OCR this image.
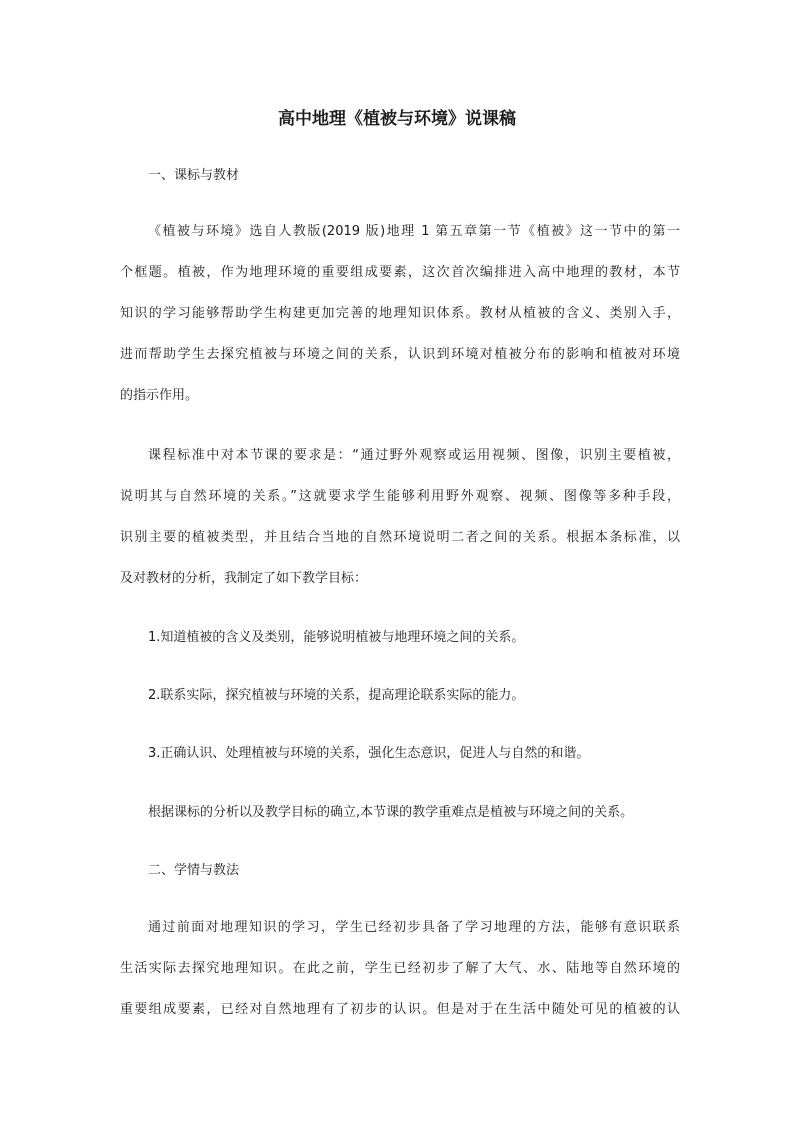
高中地理《植被与环境》说课稿
一、课标与教材
《植被与环境》选自人教版(2019 版)地理 1 第五章第一节《植被》这一节中的第一
个框题。植被，作为地理环境的重要组成要素，这次首次编排进入高中地理的教材，本节
知识的学习能够帮助学生构建更加完善的地理知识体系。教材从植被的含义、类别入手，
进而帮助学生去探究植被与环境之间的关系，认识到环境对植被分布的影响和植被对环境
的指示作用。
课程标准中对本节课的要求是：“通过野外观察或运用视频、图像，识别主要植被，
说明其与自然环境的关系。”这就要求学生能够利用野外观察、视频、图像等多种手段，
识别主要的植被类型，并且结合当地的自然环境说明二者之间的关系。根据本条标准，以
及对教材的分析，我制定了如下教学目标：
1.知道植被的含义及类别，能够说明植被与地理环境之间的关系。
2.联系实际，探究植被与环境的关系，提高理论联系实际的能力。
3.正确认识、处理植被与环境的关系，强化生态意识，促进人与自然的和谐。
根据课标的分析以及教学目标的确立,本节课的教学重难点是植被与环境之间的关系。
二、学情与教法
通过前面对地理知识的学习，学生已经初步具备了学习地理的方法，能够有意识联系
生活实际去探究地理知识。在此之前，学生已经初步了解了大气、水、陆地等自然环境的
重要组成要素，已经对自然地理有了初步的认识。但是对于在生活中随处可见的植被的认
